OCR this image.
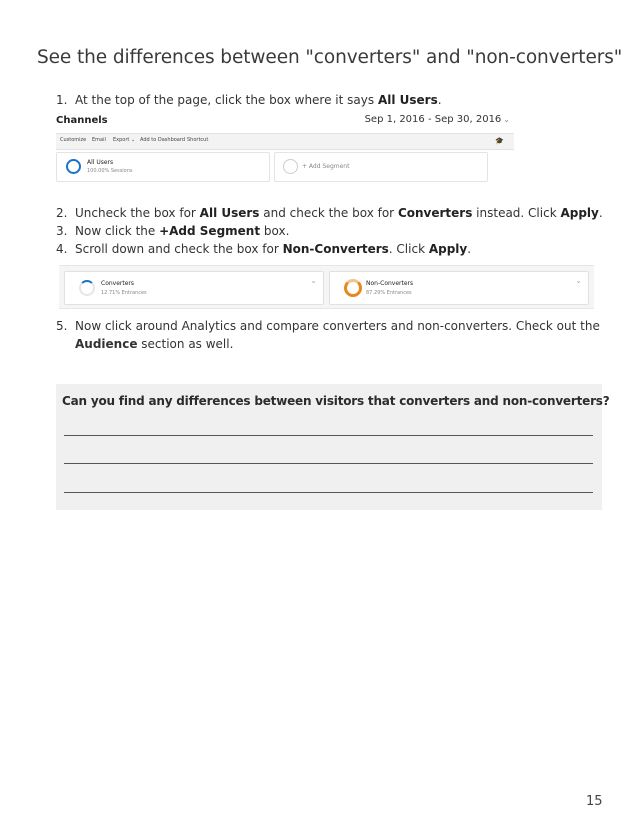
See the differences between "converters" and "non-converters"
1. At the top of the page, click the box where it says All Users.
Channels	Sep 1, 2016 - Sep 30, 2016 ⌄
Customize Email Export ⌄ Add to Dashboard Shortcut	🎓
All Users
100.00% Sessions
+ Add Segment
2. Uncheck the box for All Users and check the box for Converters instead. Click Apply.
3. Now click the +Add Segment box.
4. Scroll down and check the box for Non-Converters. Click Apply.
Converters
12.71% Entrances
⌄	Non-Converters
87.29% Entrances
⌄
5. Now click around Analytics and compare converters and non-converters. Check out the
Audience section as well.
Can you find any differences between visitors that converters and non-converters?
15
